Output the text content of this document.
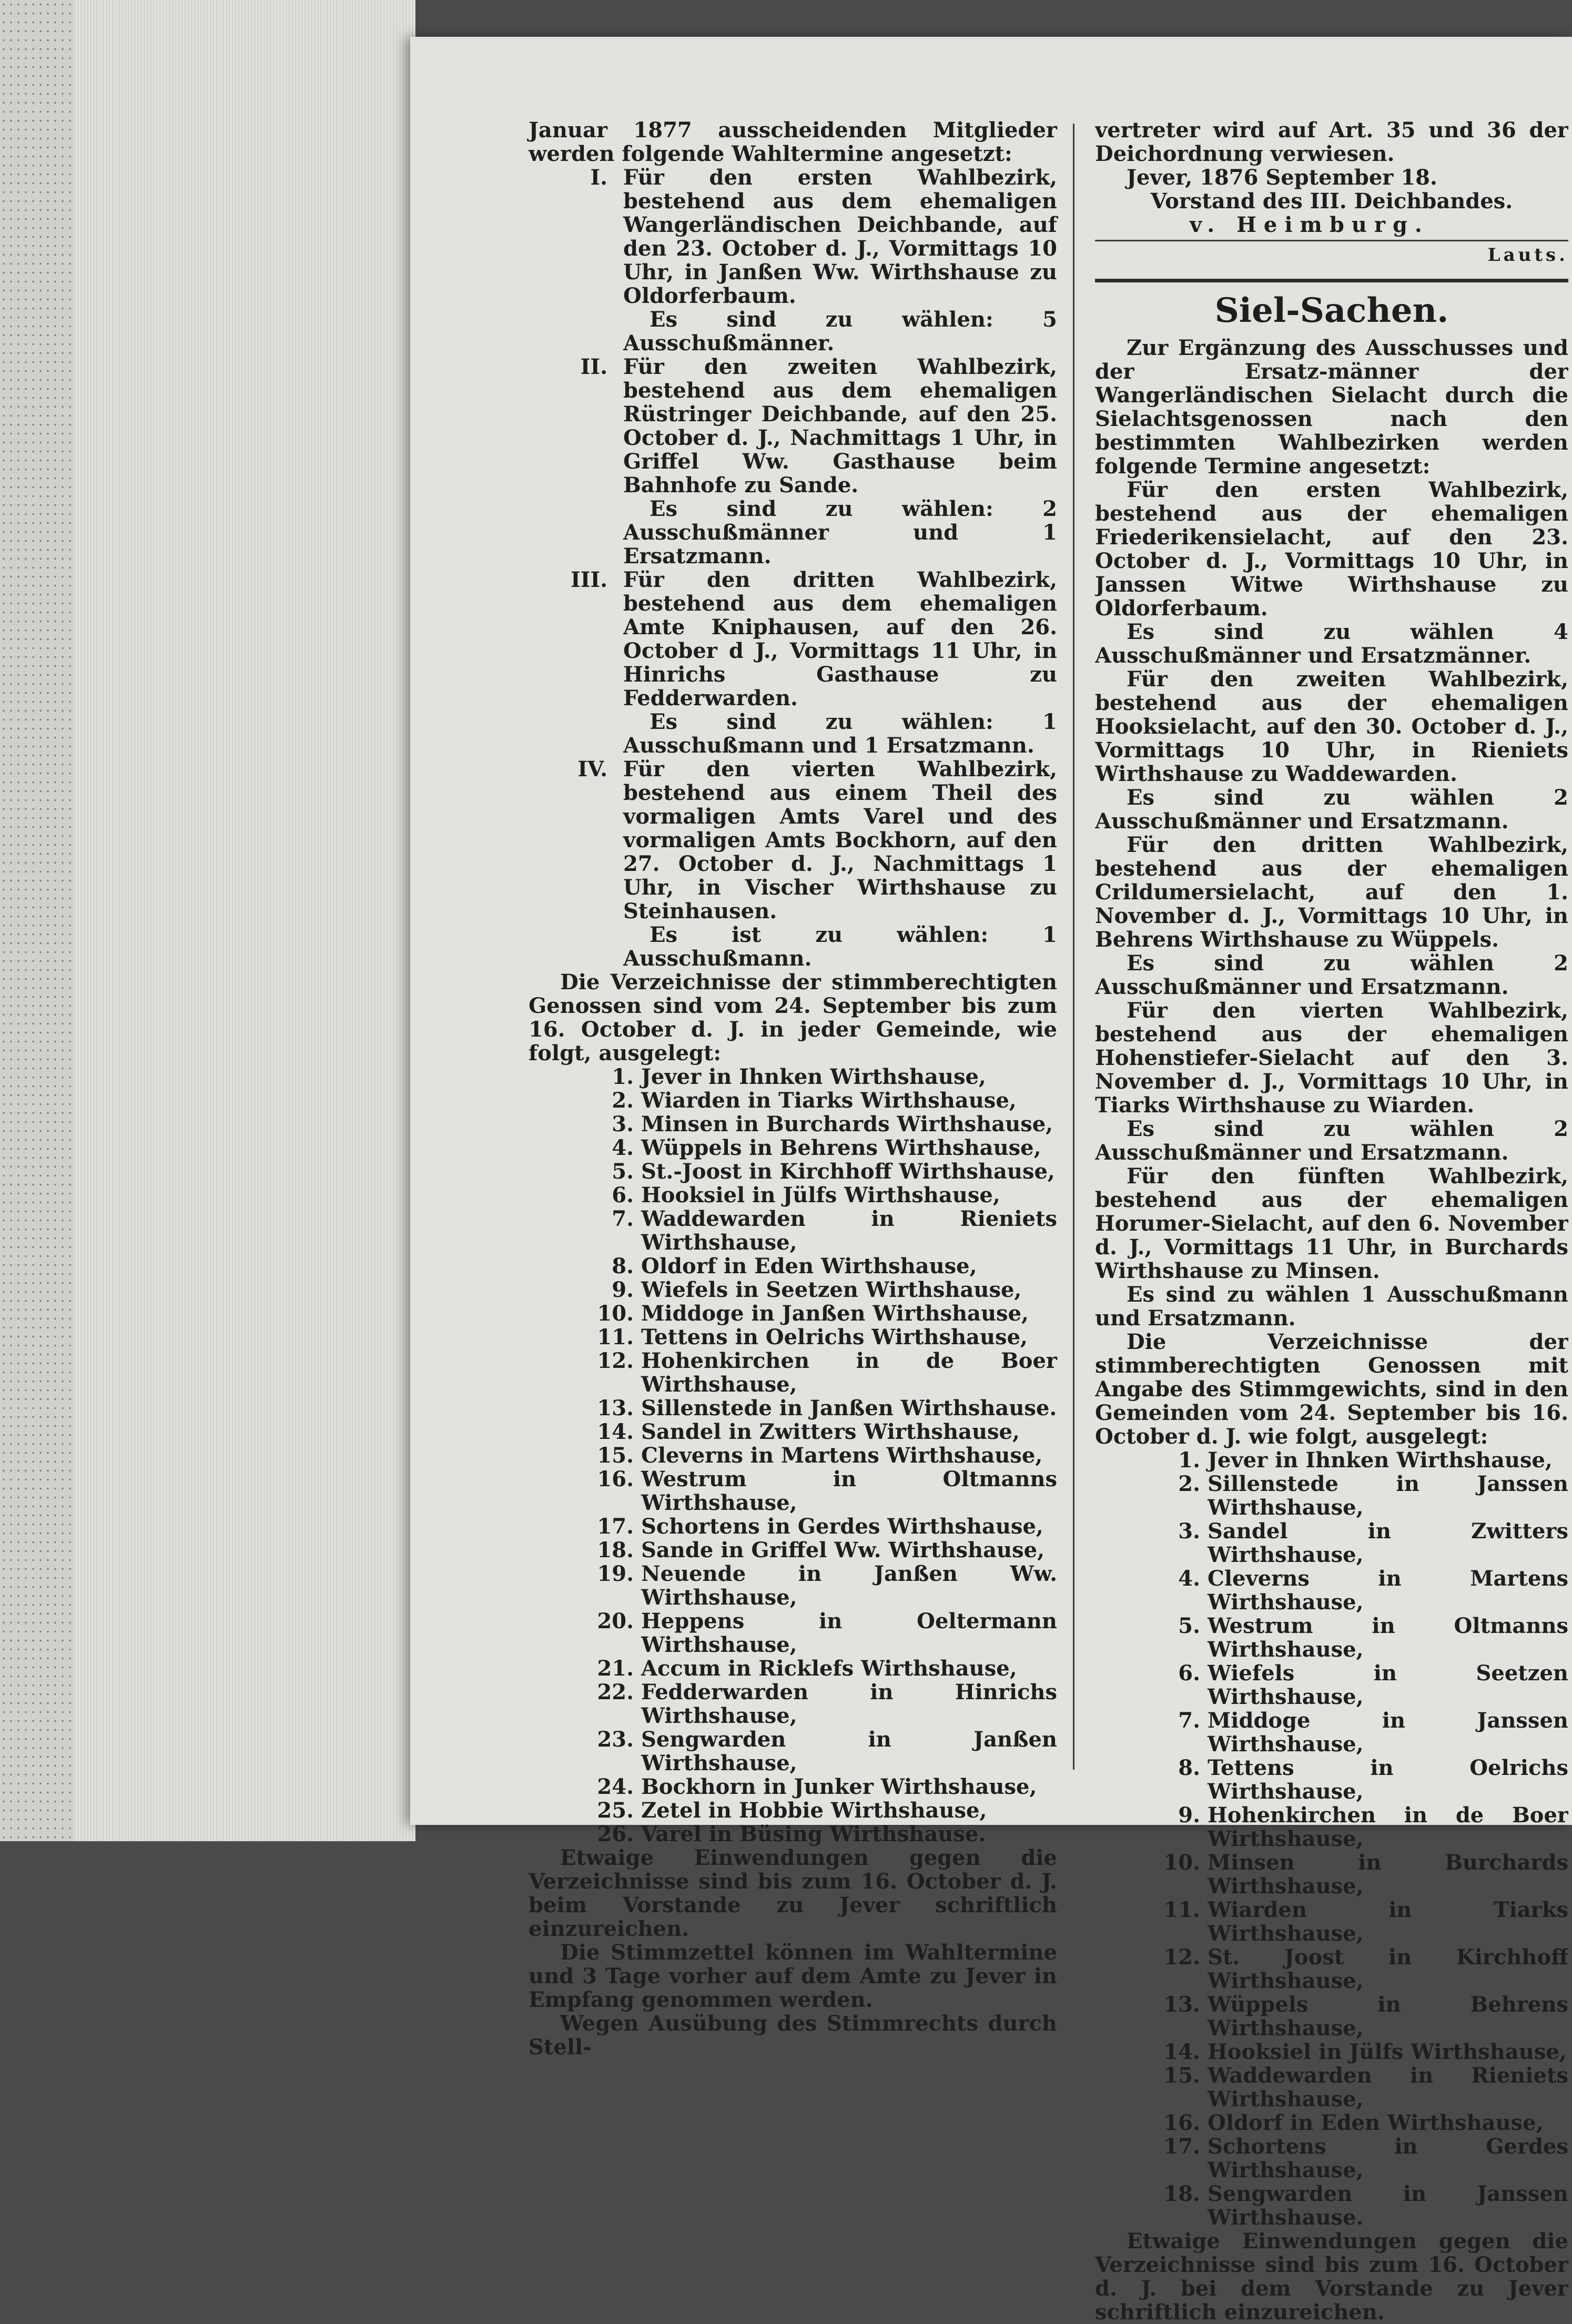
Januar 1877 ausscheidenden Mitglieder werden folgende Wahltermine angesetzt:

I. Für den ersten Wahlbezirk, bestehend aus dem ehemaligen Wangerländischen Deichbande, auf den 23. October d. J., Vormittags 10 Uhr, in Janßen Ww. Wirthshause zu Oldorferbaum.

Es sind zu wählen: 5 Ausschußmänner.

II. Für den zweiten Wahlbezirk, bestehend aus dem ehemaligen Rüstringer Deichbande, auf den 25. October d. J., Nachmittags 1 Uhr, in Griffel Ww. Gasthause beim Bahnhofe zu Sande.

Es sind zu wählen: 2 Ausschußmänner und 1 Ersatzmann.

III. Für den dritten Wahlbezirk, bestehend aus dem ehemaligen Amte Kniphausen, auf den 26. October d J., Vormittags 11 Uhr, in Hinrichs Gasthause zu Fedderwarden.

Es sind zu wählen: 1 Ausschußmann und 1 Ersatzmann.

IV. Für den vierten Wahlbezirk, bestehend aus einem Theil des vormaligen Amts Varel und des vormaligen Amts Bockhorn, auf den 27. October d. J., Nachmittags 1 Uhr, in Vischer Wirthshause zu Steinhausen.

Es ist zu wählen: 1 Ausschußmann.

Die Verzeichnisse der stimmberechtigten Genossen sind vom 24. September bis zum 16. October d. J. in jeder Gemeinde, wie folgt, ausgelegt:

1. Jever in Ihnken Wirthshause,
2. Wiarden in Tiarks Wirthshause,
3. Minsen in Burchards Wirthshause,
4. Wüppels in Behrens Wirthshause,
5. St.-Joost in Kirchhoff Wirthshause,
6. Hooksiel in Jülfs Wirthshause,
7. Waddewarden in Rieniets Wirthshause,
8. Oldorf in Eden Wirthshause,
9. Wiefels in Seetzen Wirthshause,
10. Middoge in Janßen Wirthshause,
11. Tettens in Oelrichs Wirthshause,
12. Hohenkirchen in de Boer Wirthshause,
13. Sillenstede in Janßen Wirthshause.
14. Sandel in Zwitters Wirthshause,
15. Cleverns in Martens Wirthshause,
16. Westrum in Oltmanns Wirthshause,
17. Schortens in Gerdes Wirthshause,
18. Sande in Griffel Ww. Wirthshause,
19. Neuende in Janßen Ww. Wirthshause,
20. Heppens in Oeltermann Wirthshause,
21. Accum in Ricklefs Wirthshause,
22. Fedderwarden in Hinrichs Wirthshause,
23. Sengwarden in Janßen Wirthshause,
24. Bockhorn in Junker Wirthshause,
25. Zetel in Hobbie Wirthshause,
26. Varel in Büsing Wirthshause.

Etwaige Einwendungen gegen die Verzeichnisse sind bis zum 16. October d. J. beim Vorstande zu Jever schriftlich einzureichen.

Die Stimmzettel können im Wahltermine und 3 Tage vorher auf dem Amte zu Jever in Empfang genommen werden.

Wegen Ausübung des Stimmrechts durch Stell-

vertreter wird auf Art. 35 und 36 der Deichordnung verwiesen.

Jever, 1876 September 18.

Vorstand des III. Deichbandes.

v. Heimburg.

Lauts.

Siel-Sachen.

Zur Ergänzung des Ausschusses und der Ersatz-männer der Wangerländischen Sielacht durch die Sielachtsgenossen nach den bestimmten Wahlbezirken werden folgende Termine angesetzt:

Für den ersten Wahlbezirk, bestehend aus der ehemaligen Friederikensielacht, auf den 23. October d. J., Vormittags 10 Uhr, in Janssen Witwe Wirthshause zu Oldorferbaum.

Es sind zu wählen 4 Ausschußmänner und Ersatzmänner.

Für den zweiten Wahlbezirk, bestehend aus der ehemaligen Hooksielacht, auf den 30. October d. J., Vormittags 10 Uhr, in Rieniets Wirthshause zu Waddewarden.

Es sind zu wählen 2 Ausschußmänner und Ersatzmann.

Für den dritten Wahlbezirk, bestehend aus der ehemaligen Crildumersielacht, auf den 1. November d. J., Vormittags 10 Uhr, in Behrens Wirthshause zu Wüppels.

Es sind zu wählen 2 Ausschußmänner und Ersatzmann.

Für den vierten Wahlbezirk, bestehend aus der ehemaligen Hohenstiefer-Sielacht auf den 3. November d. J., Vormittags 10 Uhr, in Tiarks Wirthshause zu Wiarden.

Es sind zu wählen 2 Ausschußmänner und Ersatzmann.

Für den fünften Wahlbezirk, bestehend aus der ehemaligen Horumer-Sielacht, auf den 6. November d. J., Vormittags 11 Uhr, in Burchards Wirthshause zu Minsen.

Es sind zu wählen 1 Ausschußmann und Ersatzmann.

Die Verzeichnisse der stimmberechtigten Genossen mit Angabe des Stimmgewichts, sind in den Gemeinden vom 24. September bis 16. October d. J. wie folgt, ausgelegt:

1. Jever in Ihnken Wirthshause,
2. Sillenstede in Janssen Wirthshause,
3. Sandel in Zwitters Wirthshause,
4. Cleverns in Martens Wirthshause,
5. Westrum in Oltmanns Wirthshause,
6. Wiefels in Seetzen Wirthshause,
7. Middoge in Janssen Wirthshause,
8. Tettens in Oelrichs Wirthshause,
9. Hohenkirchen in de Boer Wirthshause,
10. Minsen in Burchards Wirthshause,
11. Wiarden in Tiarks Wirthshause,
12. St. Joost in Kirchhoff Wirthshause,
13. Wüppels in Behrens Wirthshause,
14. Hooksiel in Jülfs Wirthshause,
15. Waddewarden in Rieniets Wirthshause,
16. Oldorf in Eden Wirthshause,
17. Schortens in Gerdes Wirthshause,
18. Sengwarden in Janssen Wirthshause.

Etwaige Einwendungen gegen die Verzeichnisse sind bis zum 16. October d. J. bei dem Vorstande zu Jever schriftlich einzureichen.
